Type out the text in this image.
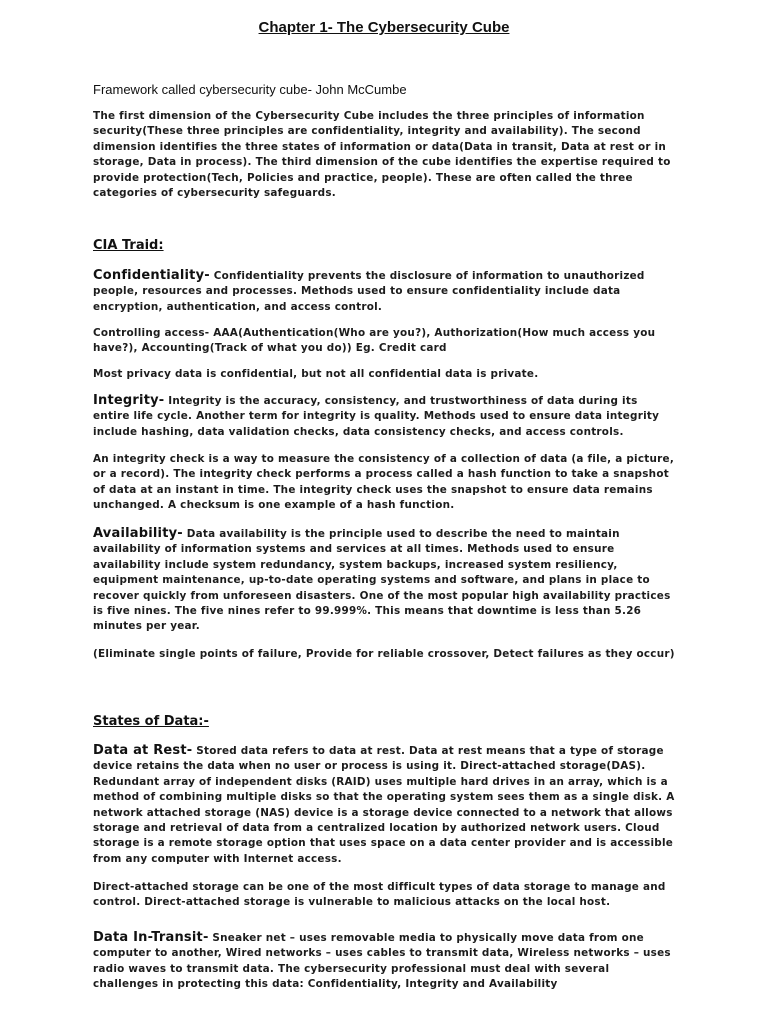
Chapter 1- The Cybersecurity Cube
Framework called cybersecurity cube- John McCumbe

The first dimension of the Cybersecurity Cube includes the three principles of information security(These three principles are confidentiality, integrity and availability). The second dimension identifies the three states of information or data(Data in transit, Data at rest or in storage, Data in process). The third dimension of the cube identifies the expertise required to provide protection(Tech, Policies and practice, people). These are often called the three categories of cybersecurity safeguards.

CIA Traid:

Confidentiality- Confidentiality prevents the disclosure of information to unauthorized people, resources and processes. Methods used to ensure confidentiality include data encryption, authentication, and access control.

Controlling access- AAA(Authentication(Who are you?), Authorization(How much access you have?), Accounting(Track of what you do)) Eg. Credit card

Most privacy data is confidential, but not all confidential data is private.

Integrity- Integrity is the accuracy, consistency, and trustworthiness of data during its entire life cycle. Another term for integrity is quality. Methods used to ensure data integrity include hashing, data validation checks, data consistency checks, and access controls.

An integrity check is a way to measure the consistency of a collection of data (a file, a picture, or a record). The integrity check performs a process called a hash function to take a snapshot of data at an instant in time. The integrity check uses the snapshot to ensure data remains unchanged. A checksum is one example of a hash function.

Availability- Data availability is the principle used to describe the need to maintain availability of information systems and services at all times. Methods used to ensure availability include system redundancy, system backups, increased system resiliency, equipment maintenance, up-to-date operating systems and software, and plans in place to recover quickly from unforeseen disasters. One of the most popular high availability practices is five nines. The five nines refer to 99.999%. This means that downtime is less than 5.26 minutes per year.

(Eliminate single points of failure, Provide for reliable crossover, Detect failures as they occur)

States of Data:-

Data at Rest- Stored data refers to data at rest. Data at rest means that a type of storage device retains the data when no user or process is using it. Direct-attached storage(DAS). Redundant array of independent disks (RAID) uses multiple hard drives in an array, which is a method of combining multiple disks so that the operating system sees them as a single disk. A network attached storage (NAS) device is a storage device connected to a network that allows storage and retrieval of data from a centralized location by authorized network users. Cloud storage is a remote storage option that uses space on a data center provider and is accessible from any computer with Internet access.

Direct-attached storage can be one of the most difficult types of data storage to manage and control. Direct-attached storage is vulnerable to malicious attacks on the local host.

Data In-Transit- Sneaker net – uses removable media to physically move data from one computer to another, Wired networks – uses cables to transmit data, Wireless networks – uses radio waves to transmit data. The cybersecurity professional must deal with several challenges in protecting this data: Confidentiality, Integrity and Availability
